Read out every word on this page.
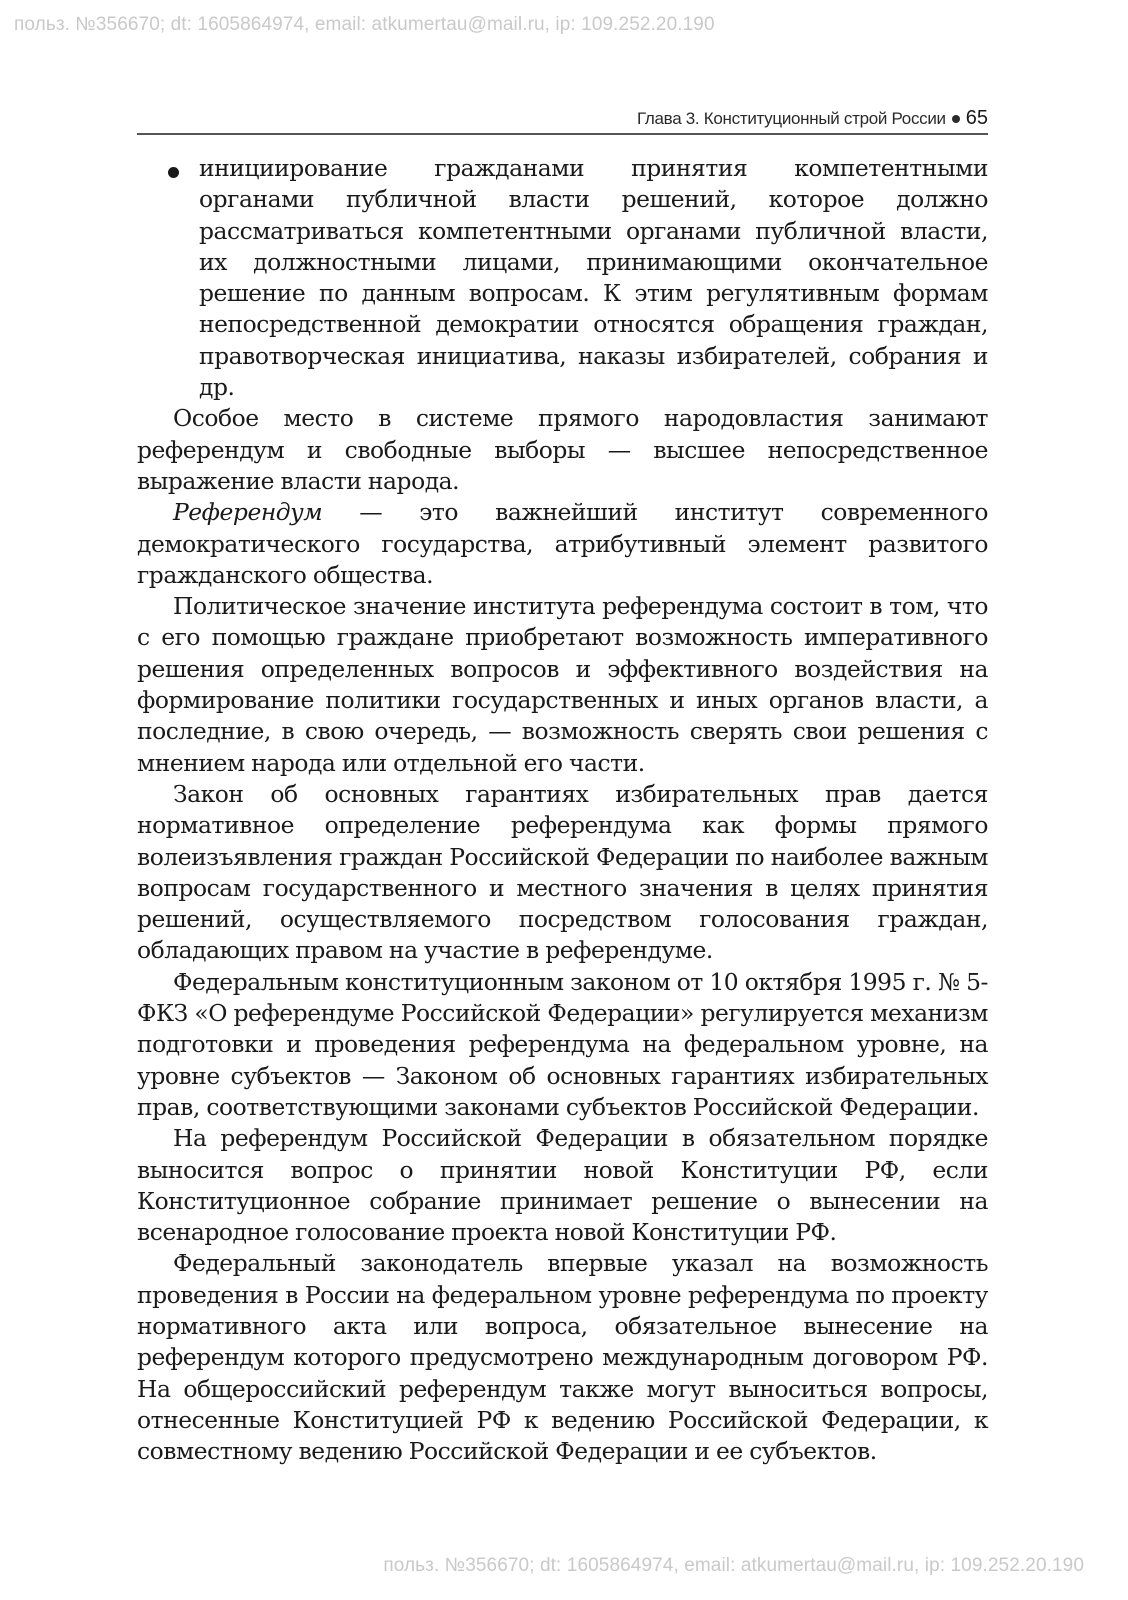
польз. №356670; dt: 1605864974, email: atkumertau@mail.ru, ip: 109.252.20.190
Глава 3. Конституционный строй России 65
инициирование гражданами принятия компетентными органами публичной власти решений, которое должно рассматриваться компетентными органами публичной власти, их должностными лицами, принимающими окончательное решение по данным вопросам. К этим регулятивным формам непосредственной демократии относятся обращения граждан, правотворческая инициатива, наказы избирателей, собрания и др.

Особое место в системе прямого народовластия занимают референдум и свободные выборы — высшее непосредственное выражение власти народа.

Референдум — это важнейший институт современного демократического государства, атрибутивный элемент развитого гражданского общества.

Политическое значение института референдума состоит в том, что с его помощью граждане приобретают возможность императивного решения определенных вопросов и эффективного воздействия на формирование политики государственных и иных органов власти, а последние, в свою очередь, — возможность сверять свои решения с мнением народа или отдельной его части.

Закон об основных гарантиях избирательных прав дается нормативное определение референдума как формы прямого волеизъявления граждан Российской Федерации по наиболее важным вопросам государственного и местного значения в целях принятия решений, осуществляемого посредством голосования граждан, обладающих правом на участие в референдуме.

Федеральным конституционным законом от 10 октября 1995 г. № 5-ФКЗ «О референдуме Российской Федерации» регулируется механизм подготовки и проведения референдума на федеральном уровне, на уровне субъектов — Законом об основных гарантиях избирательных прав, соответствующими законами субъектов Российской Федерации.

На референдум Российской Федерации в обязательном порядке выносится вопрос о принятии новой Конституции РФ, если Конституционное собрание принимает решение о вынесении на всенародное голосование проекта новой Конституции РФ.

Федеральный законодатель впервые указал на возможность проведения в России на федеральном уровне референдума по проекту нормативного акта или вопроса, обязательное вынесение на референдум которого предусмотрено международным договором РФ. На общероссийский референдум также могут выноситься вопросы, отнесенные Конституцией РФ к ведению Российской Федерации, к совместному ведению Российской Федерации и ее субъектов.

польз. №356670; dt: 1605864974, email: atkumertau@mail.ru, ip: 109.252.20.190
